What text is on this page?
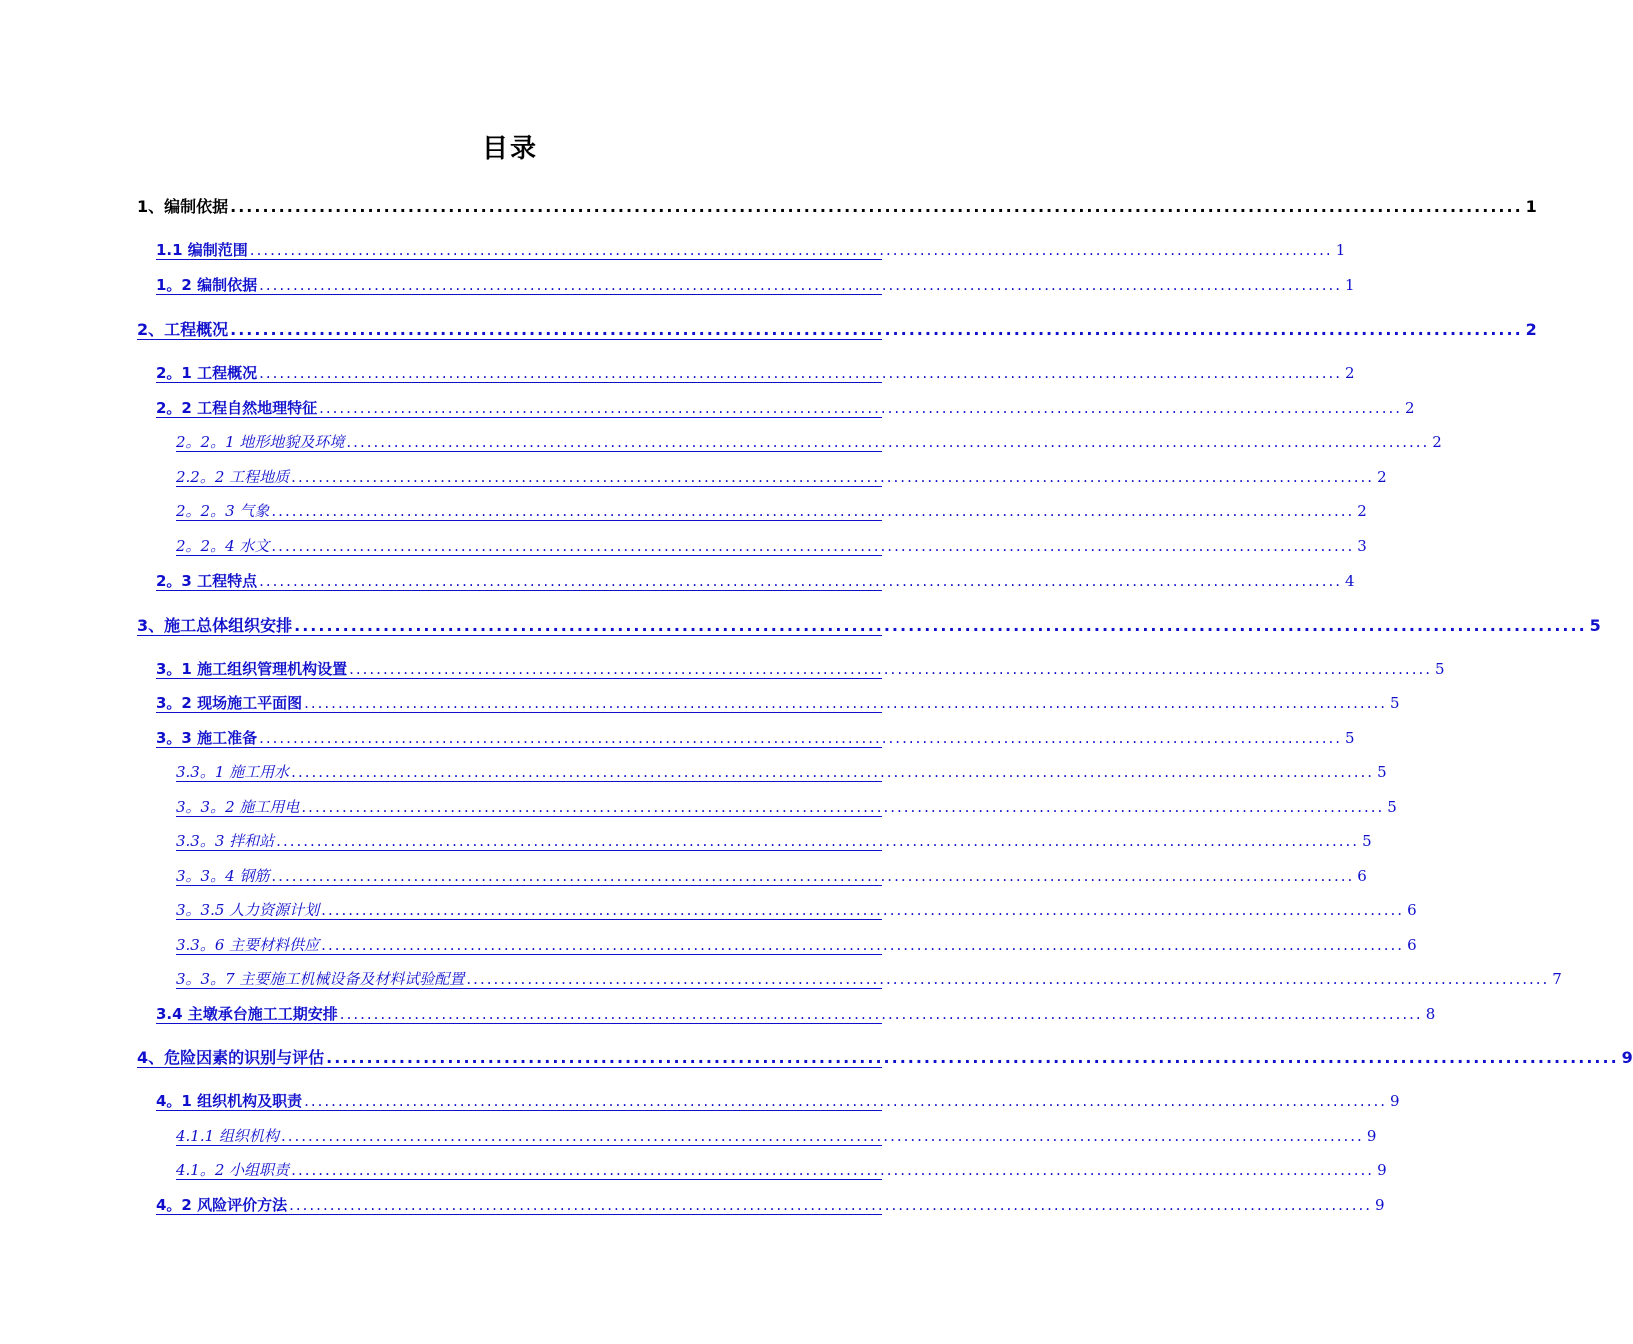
目录
1、编制依据 ................................................................................................................................................................ 1
1.1 编制范围 ................................................................................................................................................................ 1
1。2 编制依据 ................................................................................................................................................................ 1
2、工程概况 ................................................................................................................................................................ 2
2。1 工程概况 ................................................................................................................................................................ 2
2。2 工程自然地理特征 ................................................................................................................................................................ 2
2。2。1 地形地貌及环境 ................................................................................................................................................................ 2
2.2。2 工程地质 ................................................................................................................................................................ 2
2。2。3 气象 ................................................................................................................................................................ 2
2。2。4 水文 ................................................................................................................................................................ 3
2。3 工程特点 ................................................................................................................................................................ 4
3、施工总体组织安排 ................................................................................................................................................................ 5
3。1 施工组织管理机构设置 ................................................................................................................................................................ 5
3。2 现场施工平面图 ................................................................................................................................................................ 5
3。3 施工准备 ................................................................................................................................................................ 5
3.3。1 施工用水 ................................................................................................................................................................ 5
3。3。2 施工用电 ................................................................................................................................................................ 5
3.3。3 拌和站 ................................................................................................................................................................ 5
3。3。4 钢筋 ................................................................................................................................................................ 6
3。3.5 人力资源计划 ................................................................................................................................................................ 6
3.3。6 主要材料供应 ................................................................................................................................................................ 6
3。3。7 主要施工机械设备及材料试验配置 ................................................................................................................................................................ 7
3.4 主墩承台施工工期安排 ................................................................................................................................................................ 8
4、危险因素的识别与评估 ................................................................................................................................................................ 9
4。1 组织机构及职责 ................................................................................................................................................................ 9
4.1.1 组织机构 ................................................................................................................................................................ 9
4.1。2 小组职责 ................................................................................................................................................................ 9
4。2 风险评价方法 ................................................................................................................................................................ 9
